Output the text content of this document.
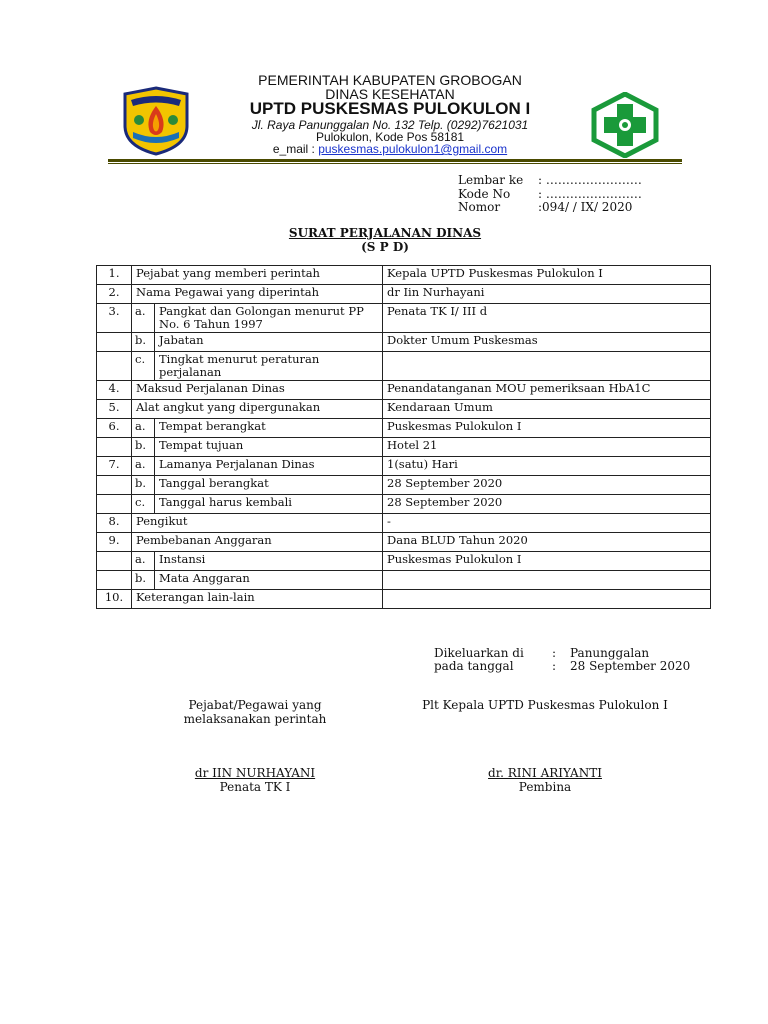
PEMERINTAH KABUPATEN GROBOGAN
DINAS KESEHATAN
UPTD PUSKESMAS PULOKULON I
Jl. Raya Panunggalan No. 132 Telp. (0292)7621031
Pulokulon, Kode Pos 58181
e_mail : puskesmas.pulokulon1@gmail.com
Lembar ke : ……………………
Kode No : ……………………
Nomor	:094/ / IX/ 2020
SURAT PERJALANAN DINAS
(S P D)
1.	Pejabat yang memberi perintah		Kepala UPTD Puskesmas Pulokulon I
2.	Nama Pegawai yang diperintah		dr Iin Nurhayani
3.	a.	Pangkat dan Golongan menurut PP No. 6 Tahun 1997	Penata TK I/ III d
	b.	Jabatan	Dokter Umum Puskesmas
	c.	Tingkat menurut peraturan perjalanan	
4.	Maksud Perjalanan Dinas		Penandatanganan MOU pemeriksaan HbA1C
5.	Alat angkut yang dipergunakan		Kendaraan Umum
6.	a.	Tempat berangkat	Puskesmas Pulokulon I
	b.	Tempat tujuan	Hotel 21
7.	a.	Lamanya Perjalanan Dinas	1(satu) Hari
	b.	Tanggal berangkat	28 September 2020
	c.	Tanggal harus kembali	28 September 2020
8.	Pengikut		-
9.	Pembebanan Anggaran		Dana BLUD Tahun 2020
	a.	Instansi	Puskesmas Pulokulon I
	b.	Mata Anggaran	
10.	Keterangan lain-lain		
Dikeluarkan di : Panunggalan
pada tanggal	: 28 September 2020
Pejabat/Pegawai yang
melaksanakan perintah
Plt Kepala UPTD Puskesmas Pulokulon I
dr IIN NURHAYANI
Penata TK I
dr. RINI ARIYANTI
Pembina
